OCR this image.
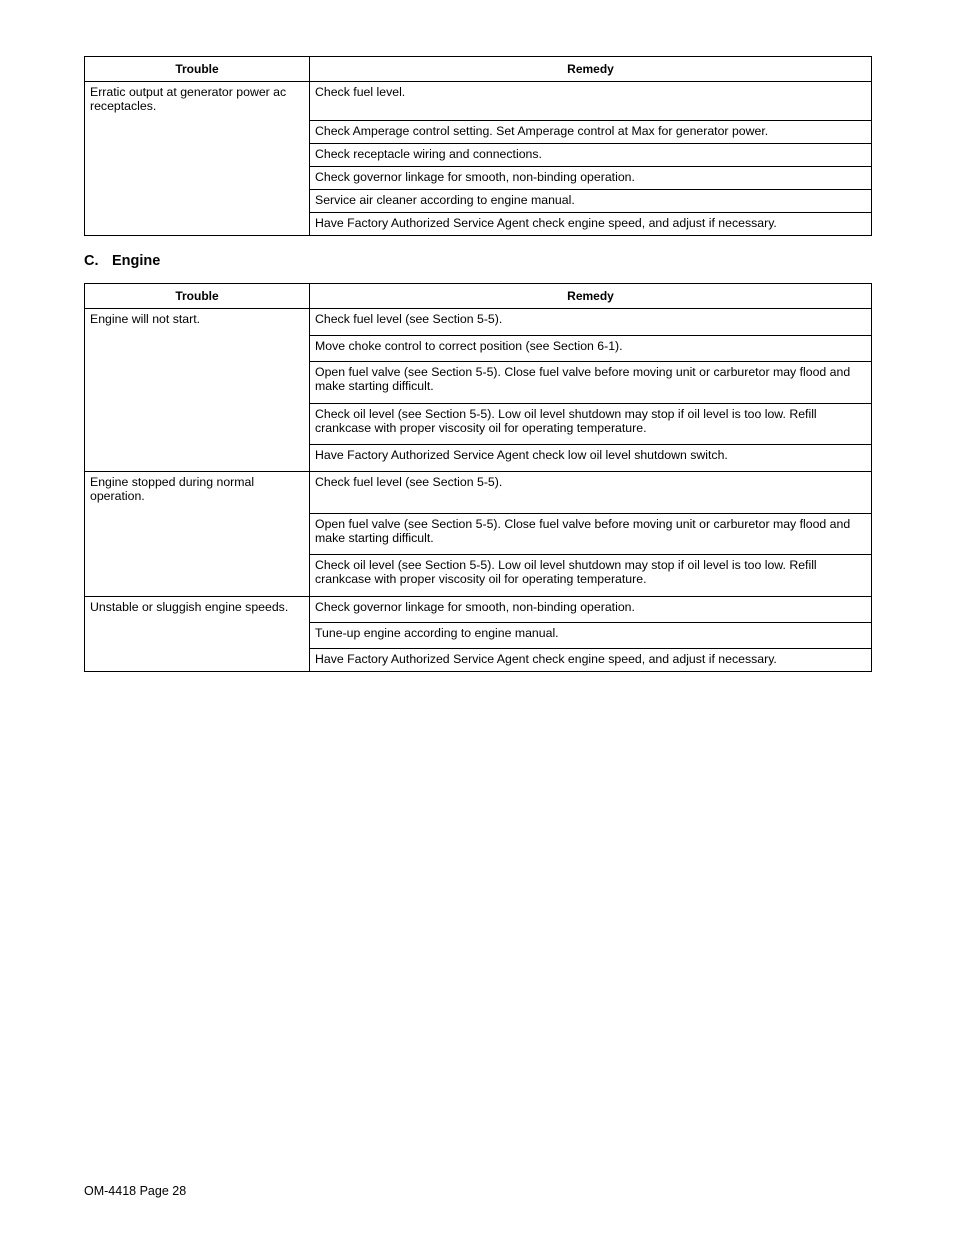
Trouble	Remedy
Erratic output at generator power ac receptacles.	Check fuel level.
	Check Amperage control setting. Set Amperage control at Max for generator power.
	Check receptacle wiring and connections.
	Check governor linkage for smooth, non-binding operation.
	Service air cleaner according to engine manual.
	Have Factory Authorized Service Agent check engine speed, and adjust if necessary.
C. Engine
Trouble	Remedy
Engine will not start.	Check fuel level (see Section 5-5).
	Move choke control to correct position (see Section 6-1).
	Open fuel valve (see Section 5-5). Close fuel valve before moving unit or carburetor may flood and make starting difficult.
	Check oil level (see Section 5-5). Low oil level shutdown may stop if oil level is too low. Refill crankcase with proper viscosity oil for operating temperature.
	Have Factory Authorized Service Agent check low oil level shutdown switch.
Engine stopped during normal operation.	Check fuel level (see Section 5-5).
	Open fuel valve (see Section 5-5). Close fuel valve before moving unit or carburetor may flood and make starting difficult.
	Check oil level (see Section 5-5). Low oil level shutdown may stop if oil level is too low. Refill crankcase with proper viscosity oil for operating temperature.
Unstable or sluggish engine speeds.	Check governor linkage for smooth, non-binding operation.
	Tune-up engine according to engine manual.
	Have Factory Authorized Service Agent check engine speed, and adjust if necessary.
OM-4418 Page 28
